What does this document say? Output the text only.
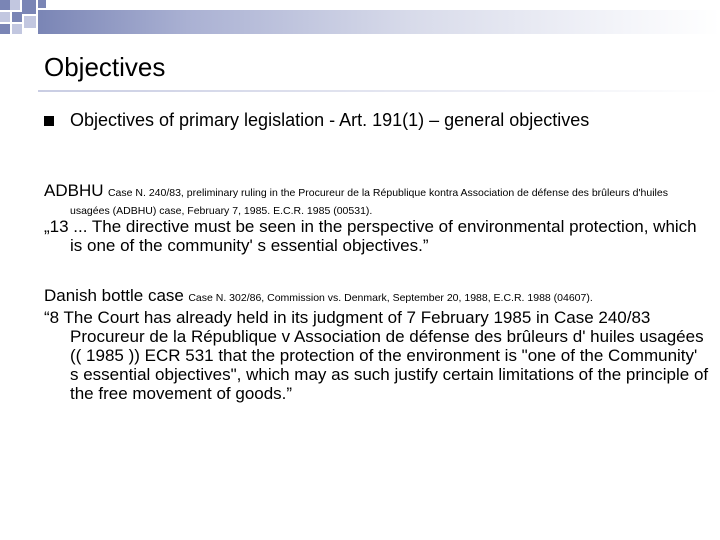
Objectives
Objectives of primary legislation - Art. 191(1) – general objectives
ADBHU Case N. 240/83, preliminary ruling in the Procureur de la République kontra Association de défense des brûleurs d'huiles usagées (ADBHU) case, February 7, 1985. E.C.R. 1985 (00531).
„13 ... The directive must be seen in the perspective of environmental protection, which is one of the community' s essential objectives.”
Danish bottle case Case N. 302/86, Commission vs. Denmark, September 20, 1988, E.C.R. 1988 (04607).
“8 The Court has already held in its judgment of 7 February 1985 in Case 240/83 Procureur de la République v Association de défense des brûleurs d' huiles usagées (( 1985 )) ECR 531 that the protection of the environment is "one of the Community' s essential objectives", which may as such justify certain limitations of the principle of the free movement of goods.”
